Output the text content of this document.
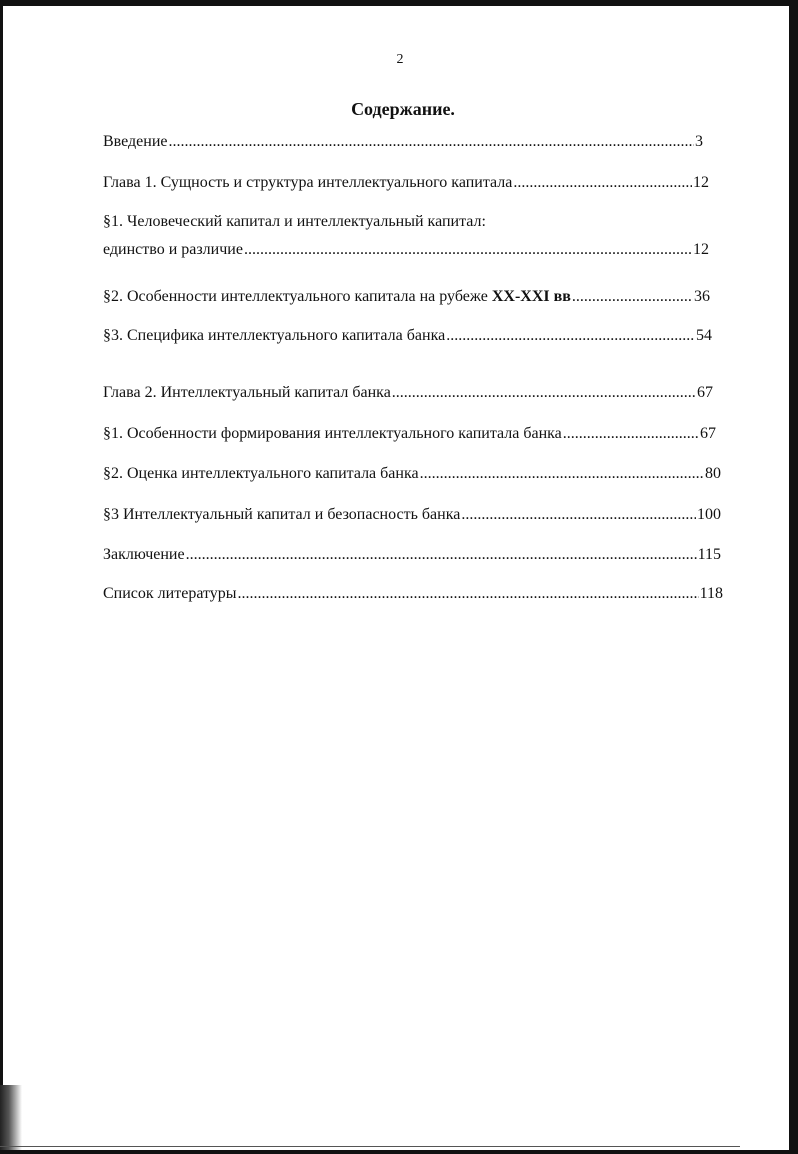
2
Содержание.
Введение .....	3
Глава 1. Сущность и структура интеллектуального капитала .....	12
§1. Человеческий капитал и интеллектуальный капитал:
единство и различие .....	12
§2. Особенности интеллектуального капитала на рубеже XX-XXI вв .....	36
§3. Специфика интеллектуального капитала банка .....	54
Глава 2. Интеллектуальный капитал банка .....	67
§1. Особенности формирования интеллектуального капитала банка .....	67
§2. Оценка интеллектуального капитала банка .....	80
§3 Интеллектуальный капитал и безопасность банка .....	100
Заключение .....	115
Список литературы .....	118
